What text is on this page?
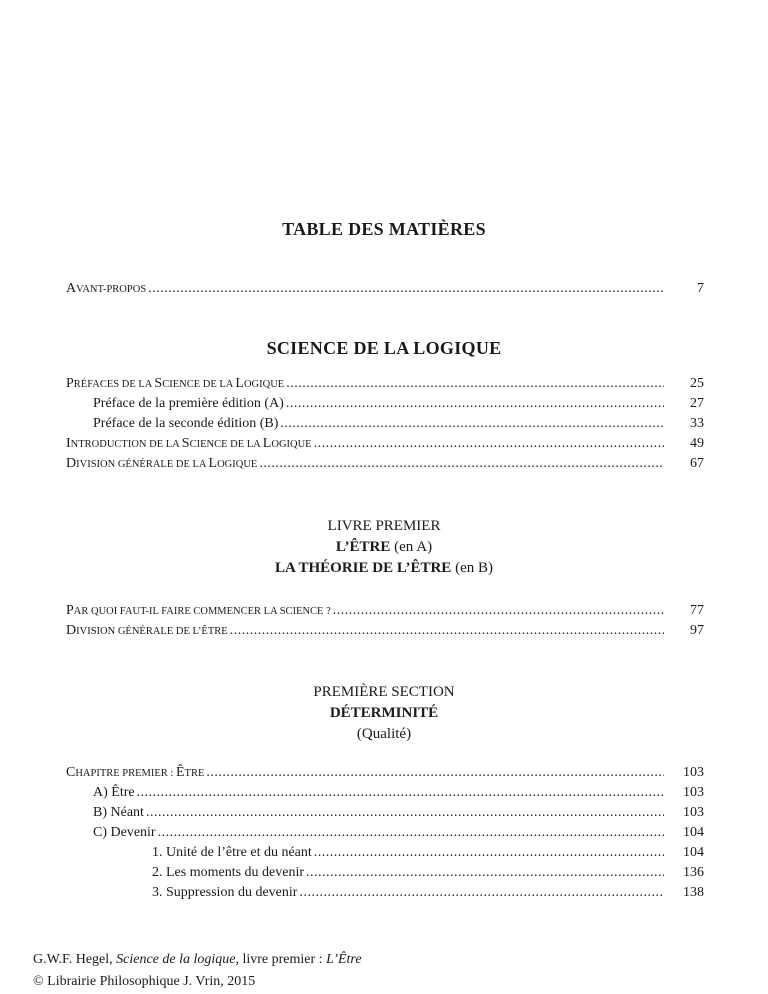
TABLE DES MATIÈRES
AVANT-PROPOS .....	7
SCIENCE DE LA LOGIQUE
PRÉFACES DE LA SCIENCE DE LA LOGIQUE .....	25
Préface de la première édition (A) .....	27
Préface de la seconde édition (B) .....	33
INTRODUCTION DE LA SCIENCE DE LA LOGIQUE .....	49
DIVISION GÉNÉRALE DE LA LOGIQUE .....	67
LIVRE PREMIER
L’ÊTRE (en A)
LA THÉORIE DE L’ÊTRE (en B)
PAR QUOI FAUT-IL FAIRE COMMENCER LA SCIENCE ? .....	77
DIVISION GÉNÉRALE DE L’ÊTRE .....	97
PREMIÈRE SECTION
DÉTERMINITÉ
(Qualité)
CHAPITRE PREMIER : ÊTRE .....	103
A) Être .....	103
B) Néant .....	103
C) Devenir .....	104
1. Unité de l’être et du néant .....	104
2. Les moments du devenir .....	136
3. Suppression du devenir .....	138
G.W.F. Hegel, Science de la logique, livre premier : L’Être
© Librairie Philosophique J. Vrin, 2015
